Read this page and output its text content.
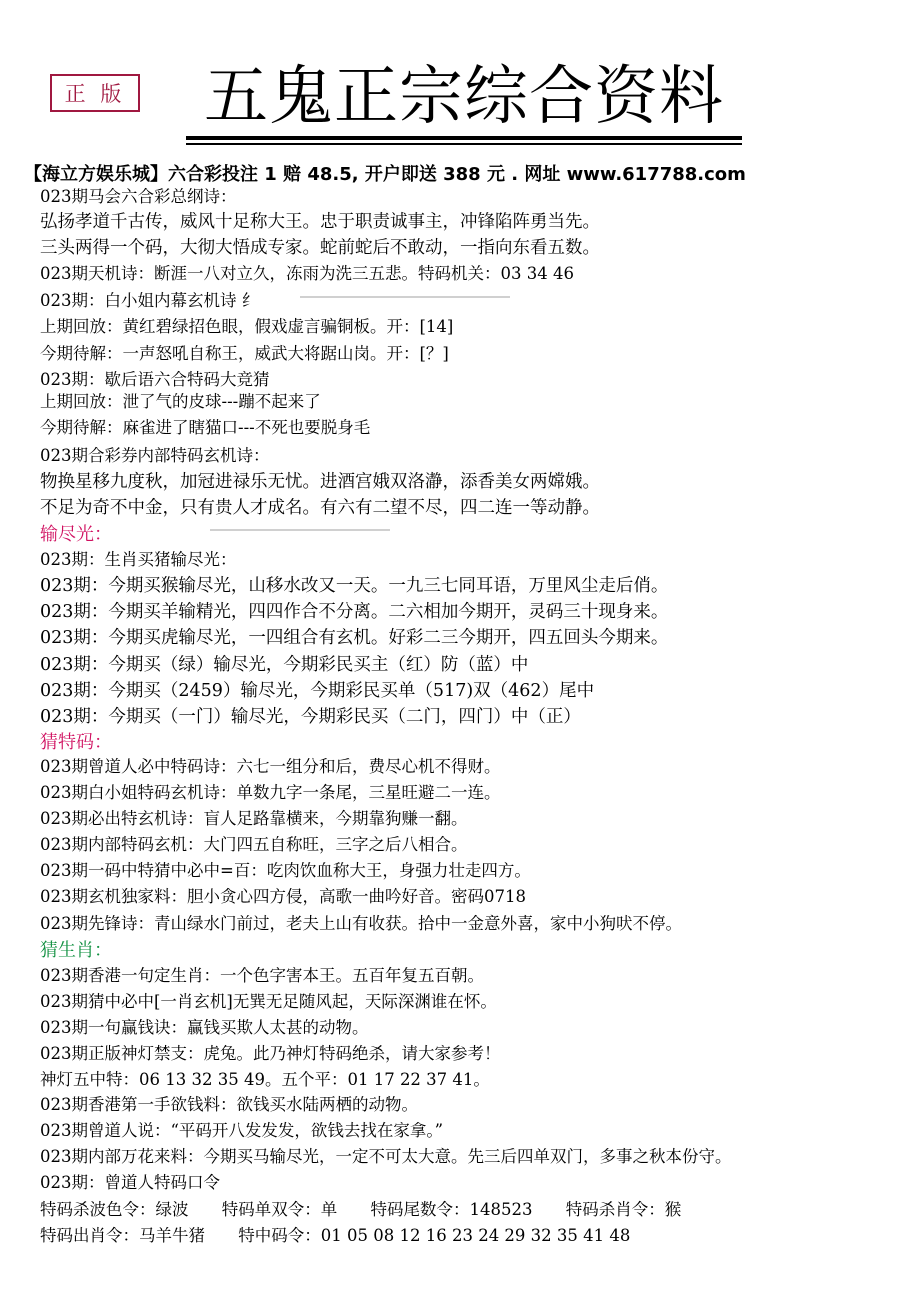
正 版 五鬼正宗综合资料
【海立方娱乐城】六合彩投注 1 赔 48.5, 开户即送 388 元 . 网址 www.617788.com
023期马会六合彩总纲诗：
弘扬孝道千古传，威风十足称大王。忠于职责诚事主，冲锋陷阵勇当先。
三头两得一个码，大彻大悟成专家。蛇前蛇后不敢动，一指向东看五数。
023期天机诗：断涯一八对立久，冻雨为洗三五悲。特码机关：03 34 46
023期：白小姐内幕玄机诗 纟
上期回放：黄红碧绿招色眼，假戏虚言骗铜板。开：[14]
今期待解：一声怒吼自称王，威武大将踞山岗。开：[？]
023期：歇后语六合特码大竞猜
上期回放：泄了气的皮球---蹦不起来了
今期待解：麻雀进了瞎猫口---不死也要脱身毛
023期合彩券内部特码玄机诗：
物换星移九度秋，加冠进禄乐无忧。进酒宫娥双洛瀞，添香美女两嫦娥。
不足为奇不中金，只有贵人才成名。有六有二望不尽，四二连一等动静。
输尽光：
023期：生肖买猪输尽光：
023期：今期买猴输尽光，山移水改又一天。一九三七同耳语，万里风尘走后俏。
023期：今期买羊输精光，四四作合不分离。二六相加今期开，灵码三十现身来。
023期：今期买虎输尽光，一四组合有玄机。好彩二三今期开，四五回头今期来。
023期：今期买（绿）输尽光，今期彩民买主（红）防（蓝）中
023期：今期买（2459）输尽光，今期彩民买单（517)双（462）尾中
023期：今期买（一门）输尽光，今期彩民买（二门，四门）中（正）
猜特码：
023期曾道人必中特码诗：六七一组分和后，费尽心机不得财。
023期白小姐特码玄机诗：单数九字一条尾，三星旺避二一连。
023期必出特玄机诗：盲人足路靠横来，今期靠狗赚一翻。
023期内部特码玄机：大门四五自称旺，三字之后八相合。
023期一码中特猜中必中=百：吃肉饮血称大王，身强力壮走四方。
023期玄机独家料：胆小贪心四方侵，高歌一曲吟好音。密码0718
023期先锋诗：青山绿水门前过，老夫上山有收获。拾中一金意外喜，家中小狗吠不停。
猜生肖：
023期香港一句定生肖：一个色字害本王。五百年复五百朝。
023期猜中必中[一肖玄机]无巽无足随风起，天际深渊谁在怀。
023期一句赢钱诀：赢钱买欺人太甚的动物。
023期正版神灯禁支：虎兔。此乃神灯特码绝杀，请大家参考！
神灯五中特：06 13 32 35 49。五个平：01 17 22 37 41。
023期香港第一手欲钱料：欲钱买水陆两栖的动物。
023期曾道人说：“平码开八发发发，欲钱去找在家拿。”
023期内部万花来料：今期买马输尽光，一定不可太大意。先三后四单双门，多事之秋本份守。
023期：曾道人特码口令
特码杀波色令：绿波 特码单双令：单 特码尾数令：148523 特码杀肖令：猴
特码出肖令：马羊牛猪 特中码令：01 05 08 12 16 23 24 29 32 35 41 48
